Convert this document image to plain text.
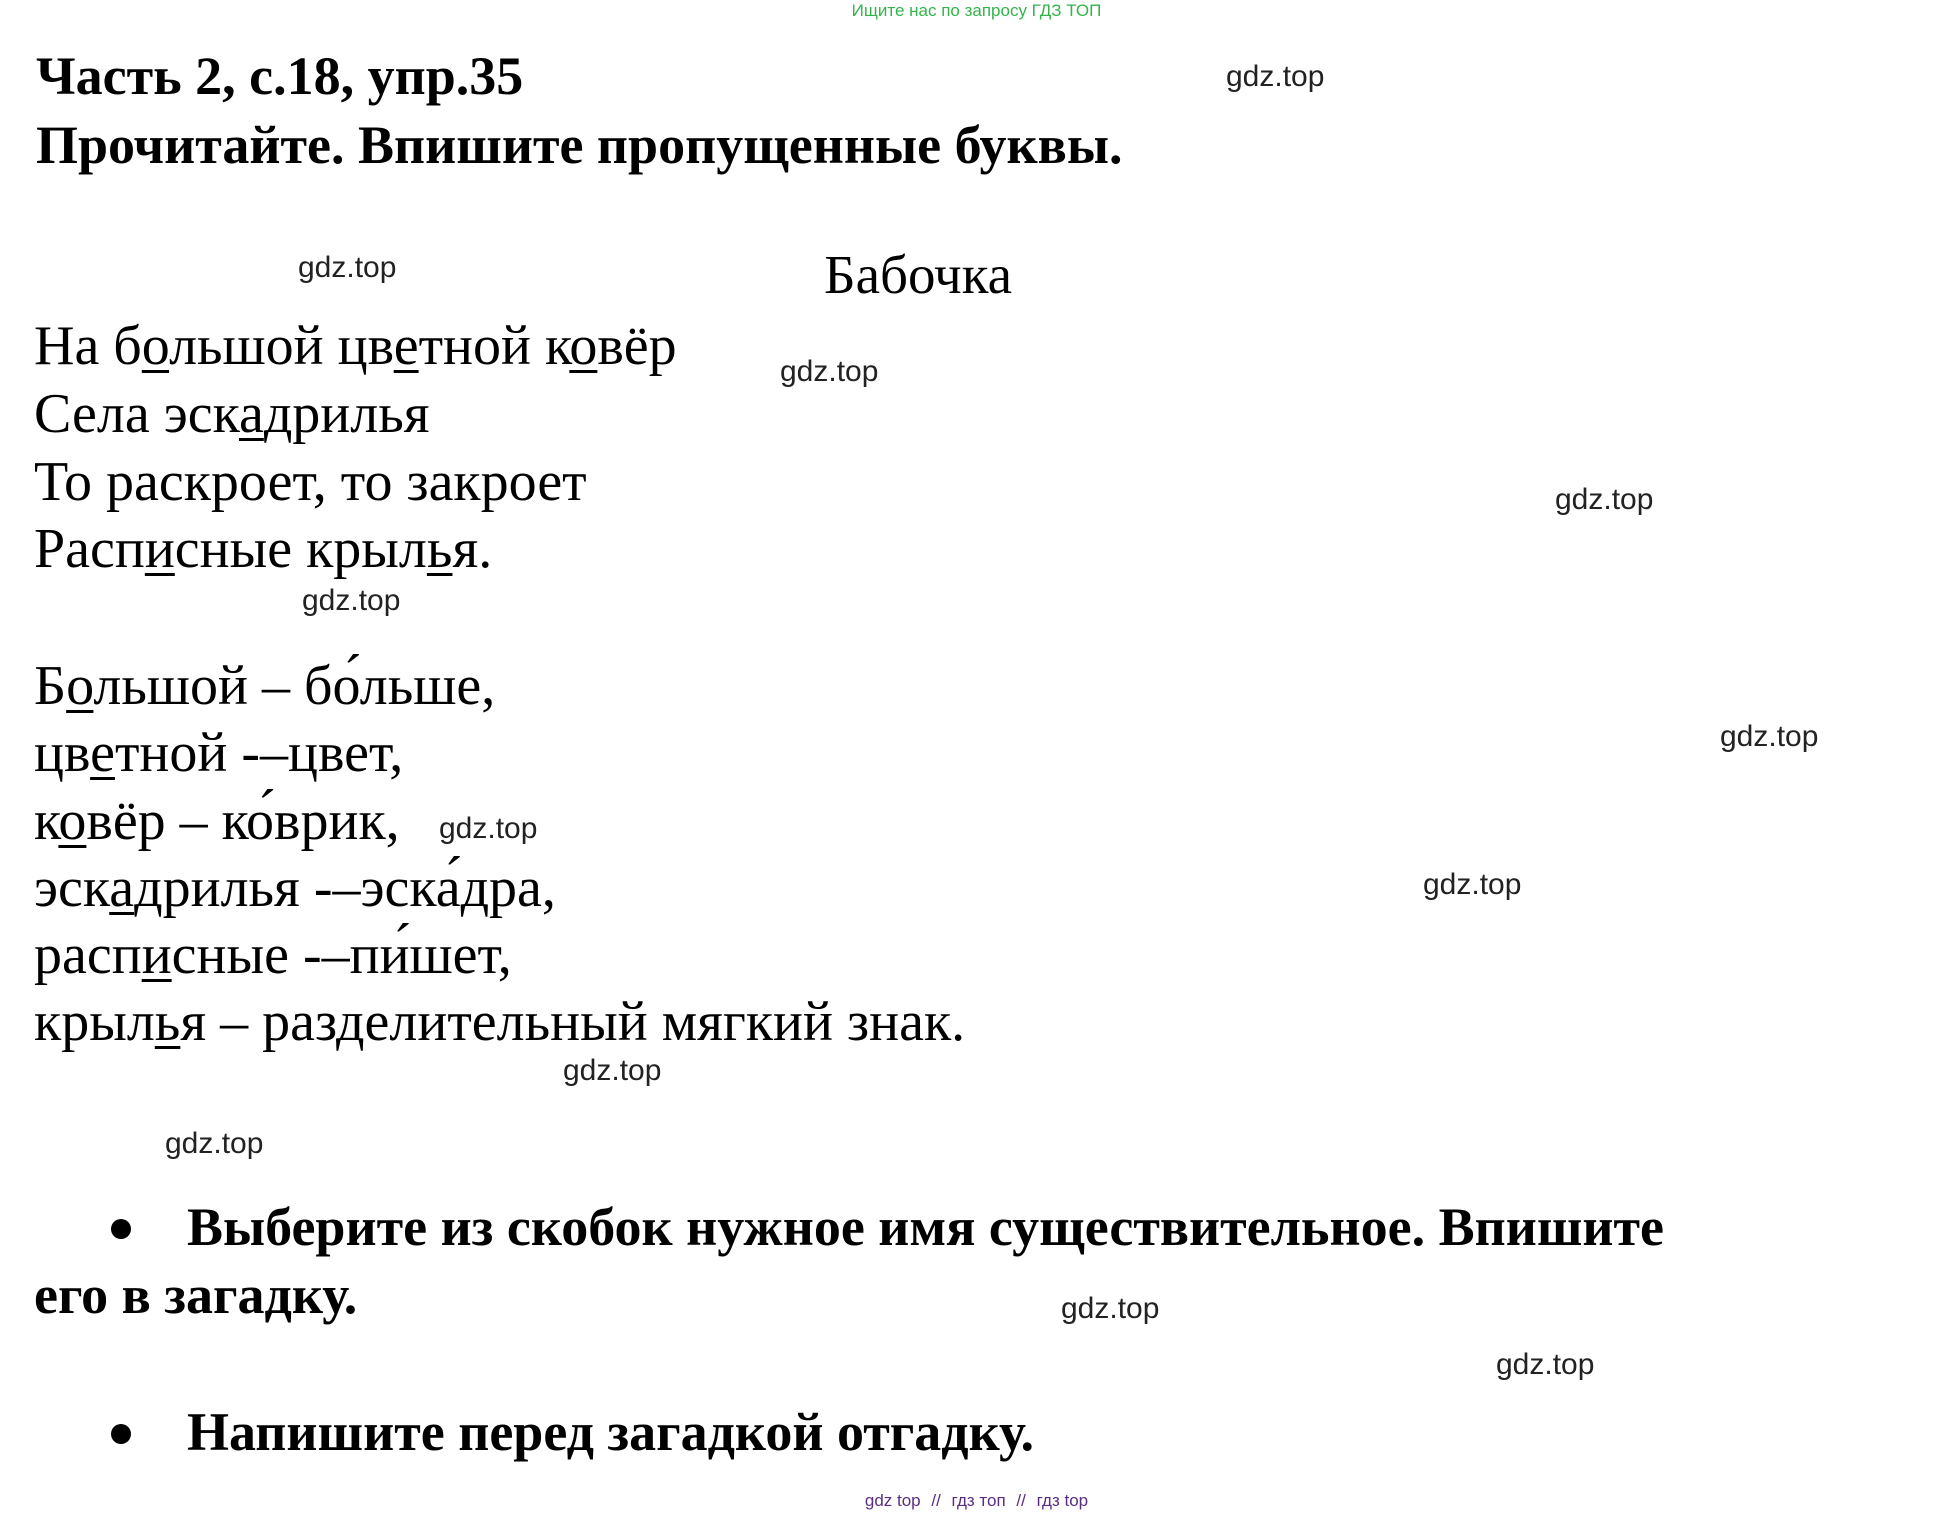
Ищите нас по запросу ГДЗ ТОП
Часть 2, с.18, упр.35
Прочитайте. Впишите пропущенные буквы.
Бабочка
На большой цветной ковёр
Села эскадрилья
То раскроет, то закроет
Расписные крылья.
Большой – бо́льше,
цветной -–цвет,
ковёр – ко́врик,
эскадрилья -–эска́дра,
расписные -–пи́шет,
крылья – разделительный мягкий знак.
Выберите из скобок нужное имя существительное. Впишите
его в загадку.
Напишите перед загадкой отгадку.
gdz.top
gdz.top
gdz.top
gdz.top
gdz.top
gdz.top
gdz.top
gdz.top
gdz.top
gdz.top
gdz.top
gdz.top
gdz top // гдз топ // гдз top
